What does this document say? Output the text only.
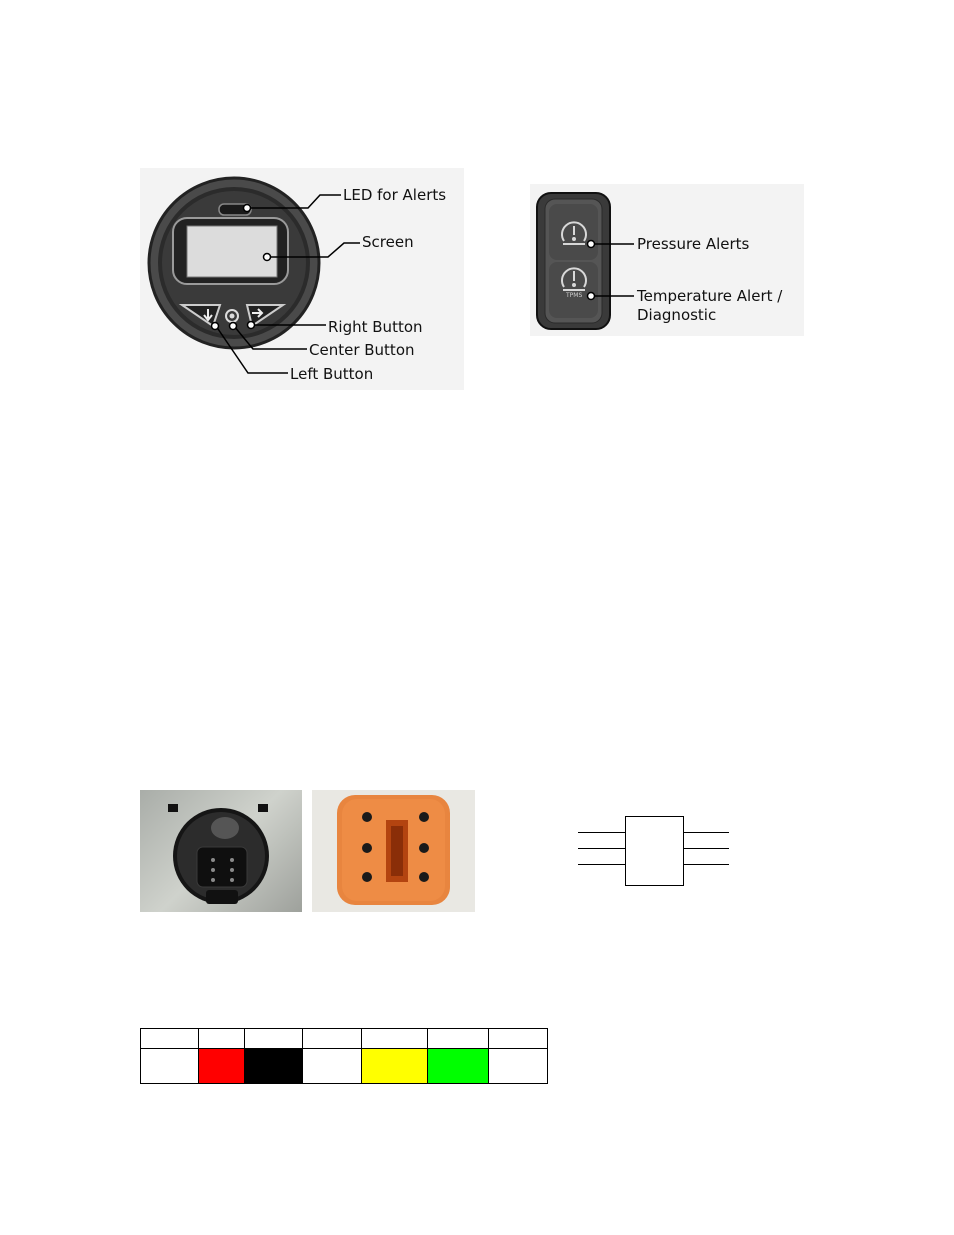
LED for Alerts
Screen
Right Button
Center Button
Left Button
TPMS
Pressure Alerts
Temperature Alert /
Diagnostic
